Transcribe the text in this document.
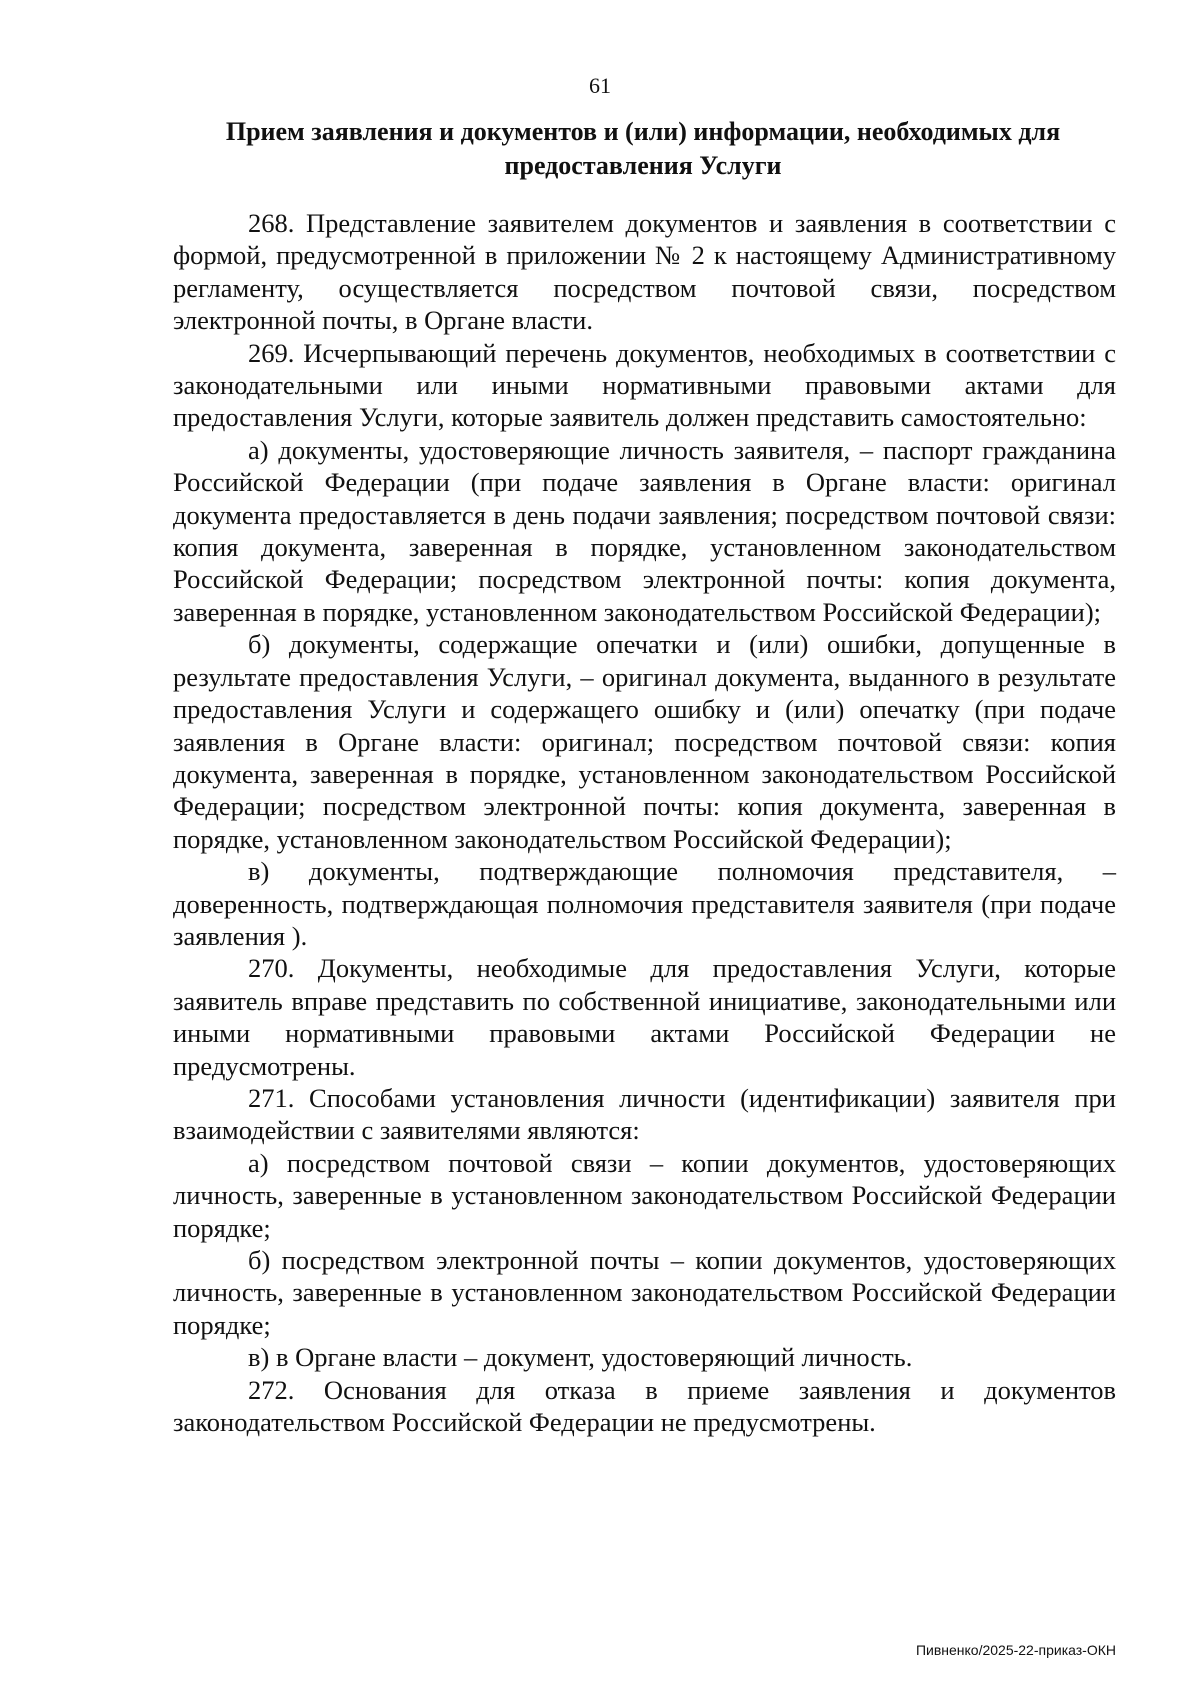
61
Прием заявления и документов и (или) информации, необходимых для
предоставления Услуги

268. Представление заявителем документов и заявления в соответствии с формой, предусмотренной в приложении № 2 к настоящему Административному регламенту, осуществляется посредством почтовой связи, посредством электронной почты, в Органе власти.

269. Исчерпывающий перечень документов, необходимых в соответствии с законодательными или иными нормативными правовыми актами для предоставления Услуги, которые заявитель должен представить самостоятельно:

а) документы, удостоверяющие личность заявителя, – паспорт гражданина Российской Федерации (при подаче заявления в Органе власти: оригинал документа предоставляется в день подачи заявления; посредством почтовой связи: копия документа, заверенная в порядке, установленном законодательством Российской Федерации; посредством электронной почты: копия документа, заверенная в порядке, установленном законодательством Российской Федерации);

б) документы, содержащие опечатки и (или) ошибки, допущенные в результате предоставления Услуги, – оригинал документа, выданного в результате предоставления Услуги и содержащего ошибку и (или) опечатку (при подаче заявления в Органе власти: оригинал; посредством почтовой связи: копия документа, заверенная в порядке, установленном законодательством Российской Федерации; посредством электронной почты: копия документа, заверенная в порядке, установленном законодательством Российской Федерации);

в) документы, подтверждающие полномочия представителя, – доверенность, подтверждающая полномочия представителя заявителя (при подаче заявления ).

270. Документы, необходимые для предоставления Услуги, которые заявитель вправе представить по собственной инициативе, законодательными или иными нормативными правовыми актами Российской Федерации не предусмотрены.

271. Способами установления личности (идентификации) заявителя при взаимодействии с заявителями являются:

а) посредством почтовой связи – копии документов, удостоверяющих личность, заверенные в установленном законодательством Российской Федерации порядке;

б) посредством электронной почты – копии документов, удостоверяющих личность, заверенные в установленном законодательством Российской Федерации порядке;

в) в Органе власти – документ, удостоверяющий личность.

272. Основания для отказа в приеме заявления и документов законодательством Российской Федерации не предусмотрены.

Пивненко/2025-22-приказ-ОКН
